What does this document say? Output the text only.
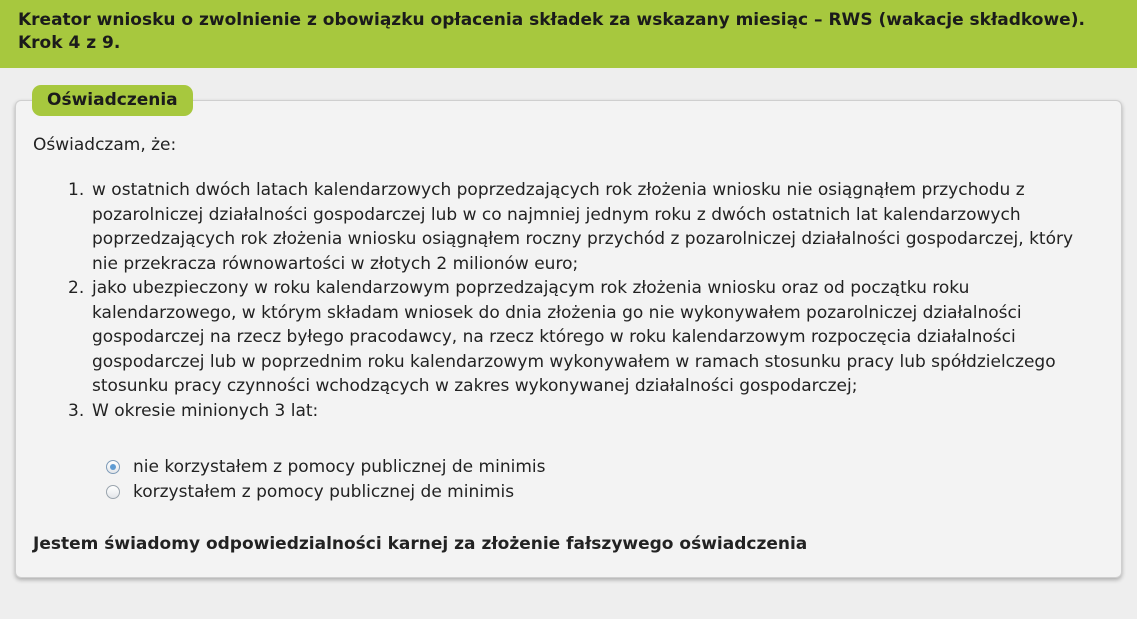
Kreator wniosku o zwolnienie z obowiązku opłacenia składek za wskazany miesiąc – RWS (wakacje składkowe).
Krok 4 z 9.
Oświadczenia
Oświadczam, że:
1. w ostatnich dwóch latach kalendarzowych poprzedzających rok złożenia wniosku nie osiągnąłem przychodu z pozarolniczej działalności gospodarczej lub w co najmniej jednym roku z dwóch ostatnich lat kalendarzowych poprzedzających rok złożenia wniosku osiągnąłem roczny przychód z pozarolniczej działalności gospodarczej, który nie przekracza równowartości w złotych 2 milionów euro;
2. jako ubezpieczony w roku kalendarzowym poprzedzającym rok złożenia wniosku oraz od początku roku kalendarzowego, w którym składam wniosek do dnia złożenia go nie wykonywałem pozarolniczej działalności gospodarczej na rzecz byłego pracodawcy, na rzecz którego w roku kalendarzowym rozpoczęcia działalności gospodarczej lub w poprzednim roku kalendarzowym wykonywałem w ramach stosunku pracy lub spółdzielczego stosunku pracy czynności wchodzących w zakres wykonywanej działalności gospodarczej;
3. W okresie minionych 3 lat:
nie korzystałem z pomocy publicznej de minimis
korzystałem z pomocy publicznej de minimis
Jestem świadomy odpowiedzialności karnej za złożenie fałszywego oświadczenia
